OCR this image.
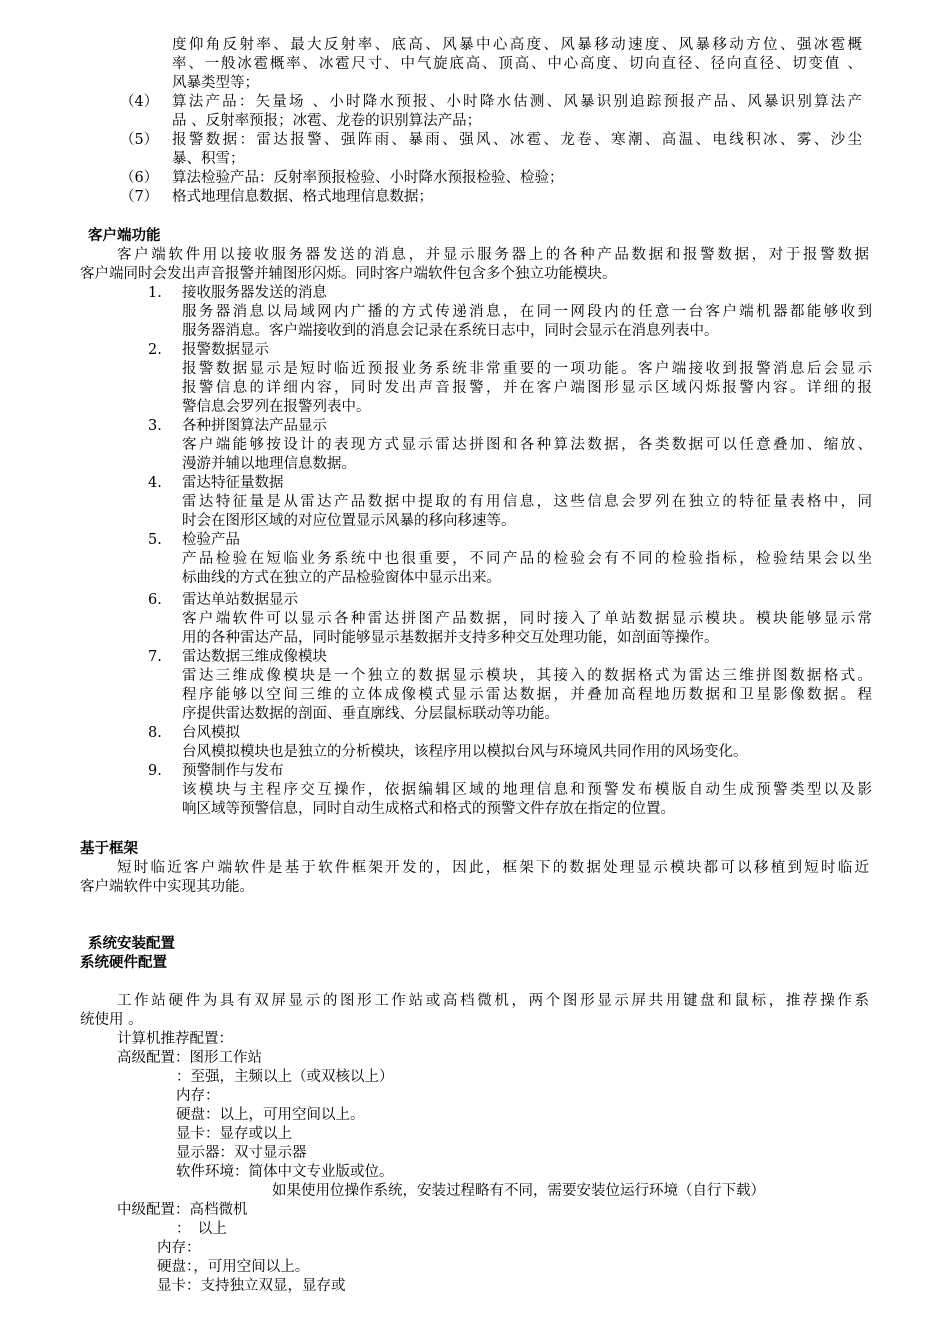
度仰角反射率、最大反射率、底高、风暴中心高度、风暴移动速度、风暴移动方位、强冰雹概
率、一般冰雹概率、冰雹尺寸、中气旋底高、顶高、中心高度、切向直径、径向直径、切变值 、
风暴类型等；
（4） 算法产品：矢量场 、小时降水预报、小时降水估测、风暴识别追踪预报产品、风暴识别算法产
品 、反射率预报；冰雹、龙卷的识别算法产品；
（5） 报警数据：雷达报警、强阵雨、暴雨、强风、冰雹、龙卷、寒潮、高温、电线积冰、雾、沙尘
暴、积雪；
（6） 算法检验产品：反射率预报检验、小时降水预报检验、检验；
（7） 格式地理信息数据、格式地理信息数据；
客户端功能
客户端软件用以接收服务器发送的消息，并显示服务器上的各种产品数据和报警数据，对于报警数据
客户端同时会发出声音报警并辅图形闪烁。同时客户端软件包含多个独立功能模块。
1. 接收服务器发送的消息
服务器消息以局域网内广播的方式传递消息，在同一网段内的任意一台客户端机器都能够收到
服务器消息。客户端接收到的消息会记录在系统日志中，同时会显示在消息列表中。
2. 报警数据显示
报警数据显示是短时临近预报业务系统非常重要的一项功能。客户端接收到报警消息后会显示
报警信息的详细内容，同时发出声音报警，并在客户端图形显示区域闪烁报警内容。详细的报
警信息会罗列在报警列表中。
3. 各种拼图算法产品显示
客户端能够按设计的表现方式显示雷达拼图和各种算法数据，各类数据可以任意叠加、缩放、
漫游并辅以地理信息数据。
4. 雷达特征量数据
雷达特征量是从雷达产品数据中提取的有用信息，这些信息会罗列在独立的特征量表格中，同
时会在图形区域的对应位置显示风暴的移向移速等。
5. 检验产品
产品检验在短临业务系统中也很重要，不同产品的检验会有不同的检验指标，检验结果会以坐
标曲线的方式在独立的产品检验窗体中显示出来。
6. 雷达单站数据显示
客户端软件可以显示各种雷达拼图产品数据，同时接入了单站数据显示模块。模块能够显示常
用的各种雷达产品，同时能够显示基数据并支持多种交互处理功能，如剖面等操作。
7. 雷达数据三维成像模块
雷达三维成像模块是一个独立的数据显示模块，其接入的数据格式为雷达三维拼图数据格式。
程序能够以空间三维的立体成像模式显示雷达数据，并叠加高程地历数据和卫星影像数据。程
序提供雷达数据的剖面、垂直廓线、分层鼠标联动等功能。
8. 台风模拟
台风模拟模块也是独立的分析模块，该程序用以模拟台风与环境风共同作用的风场变化。
9. 预警制作与发布
该模块与主程序交互操作，依据编辑区域的地理信息和预警发布模版自动生成预警类型以及影
响区域等预警信息，同时自动生成格式和格式的预警文件存放在指定的位置。
基于框架
短时临近客户端软件是基于软件框架开发的，因此，框架下的数据处理显示模块都可以移植到短时临近
客户端软件中实现其功能。
系统安装配置
系统硬件配置
工作站硬件为具有双屏显示的图形工作站或高档微机，两个图形显示屏共用键盘和鼠标，推荐操作系
统使用 。
计算机推荐配置：
高级配置：图形工作站
：至强，主频以上（或双核以上）
内存：
硬盘：以上，可用空间以上。
显卡：显存或以上
显示器：双寸显示器
软件环境：简体中文专业版或位。
如果使用位操作系统，安装过程略有不同，需要安装位运行环境（自行下载）
中级配置：高档微机
：　以上
内存：
硬盘：，可用空间以上。
显卡：支持独立双显，显存或
